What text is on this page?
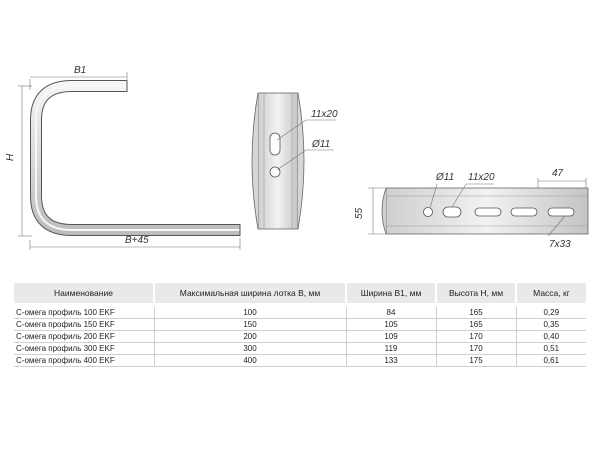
B1
H
B+45
11x20
Ø11
Ø11 11x20	47
55
7x33
Наименование	Максимальная ширина лотка B, мм	Ширина B1, мм	Высота H, мм	Масса, кг
С-омега профиль 100 EKF	100	84	165	0,29
С-омега профиль 150 EKF	150	105	165	0,35
С-омега профиль 200 EKF	200	109	170	0,40
С-омега профиль 300 EKF	300	119	170	0,51
С-омега профиль 400 EKF	400	133	175	0,61
